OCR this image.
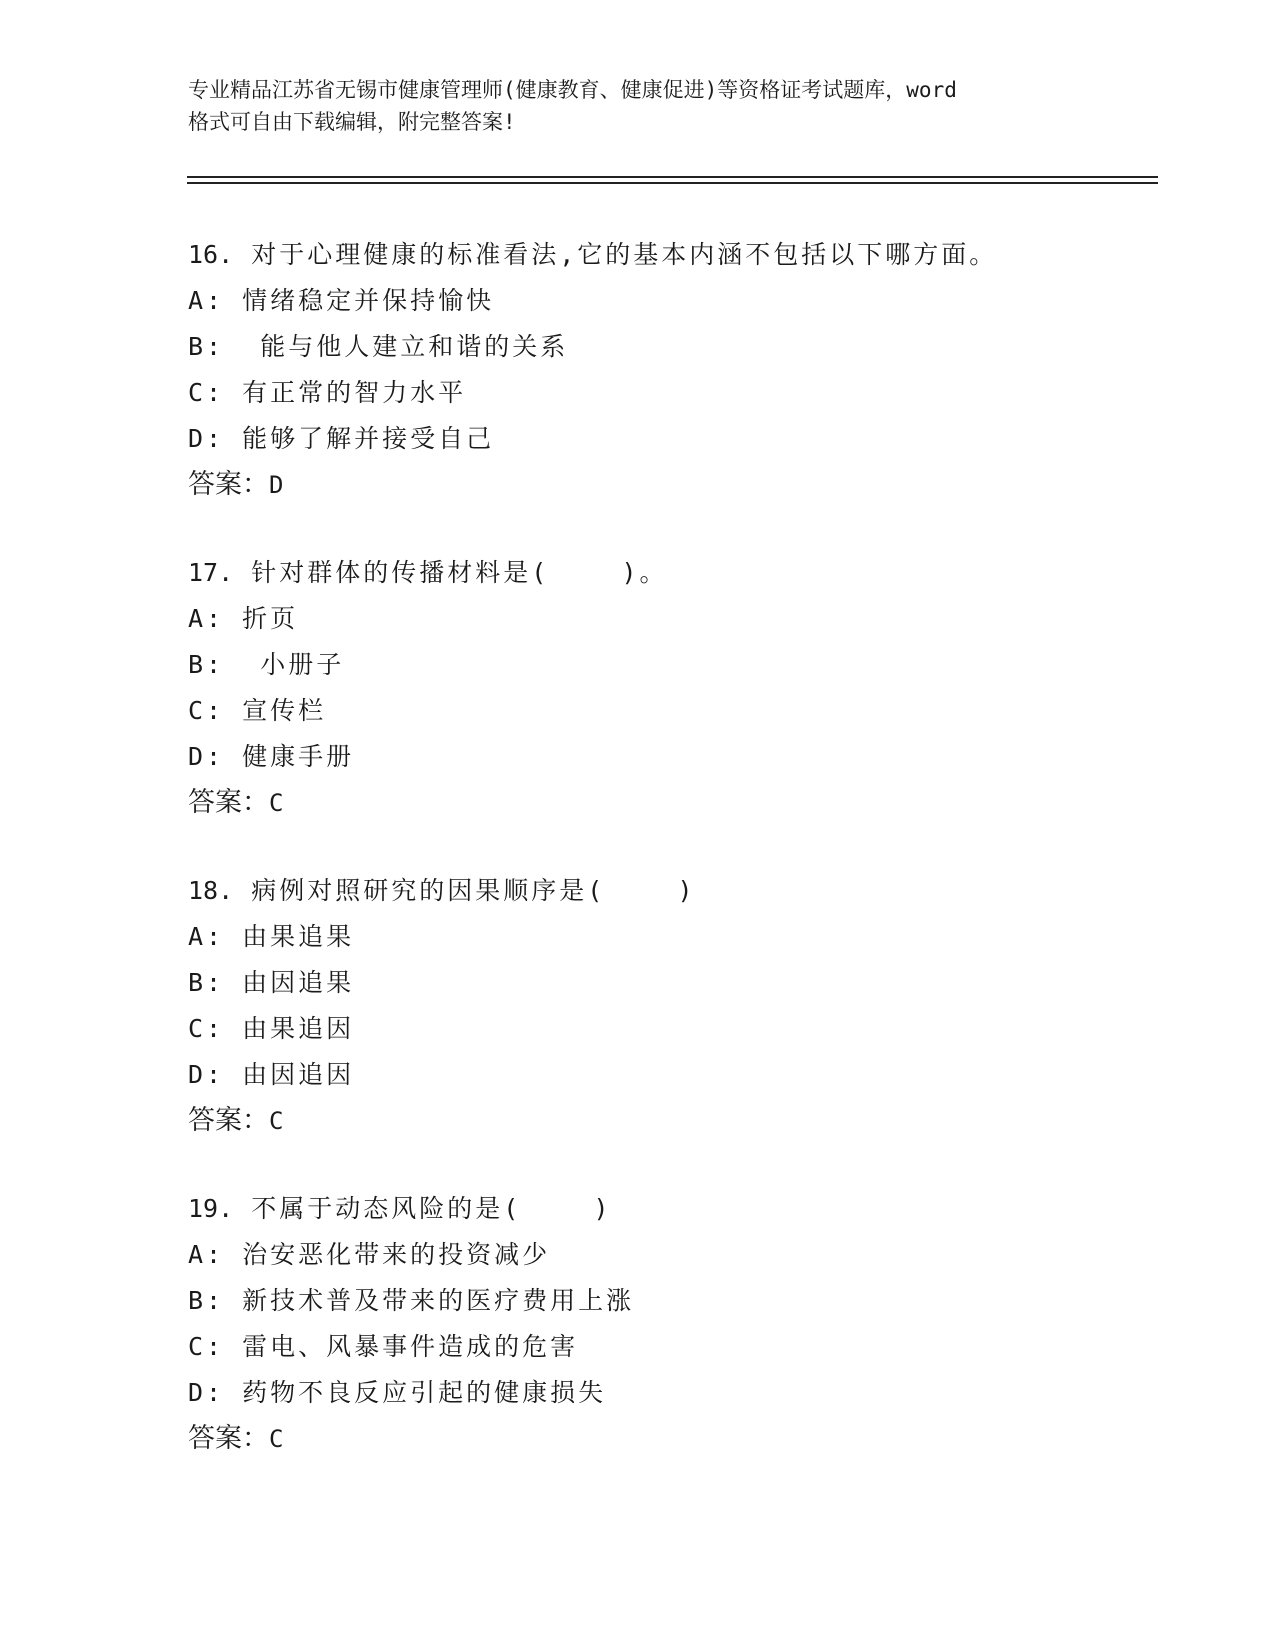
专业精品江苏省无锡市健康管理师(健康教育、健康促进)等资格证考试题库，word
格式可自由下载编辑，附完整答案!
16. 对于心理健康的标准看法,它的基本内涵不包括以下哪方面。
A: 情绪稳定并保持愉快
B:  能与他人建立和谐的关系
C: 有正常的智力水平
D: 能够了解并接受自己
答案：D
17. 针对群体的传播材料是(    )。
A: 折页
B:  小册子
C: 宣传栏
D: 健康手册
答案：C
18. 病例对照研究的因果顺序是(    )
A: 由果追果
B: 由因追果
C: 由果追因
D: 由因追因
答案：C
19. 不属于动态风险的是(    )
A: 治安恶化带来的投资减少
B: 新技术普及带来的医疗费用上涨
C: 雷电、风暴事件造成的危害
D: 药物不良反应引起的健康损失
答案：C
